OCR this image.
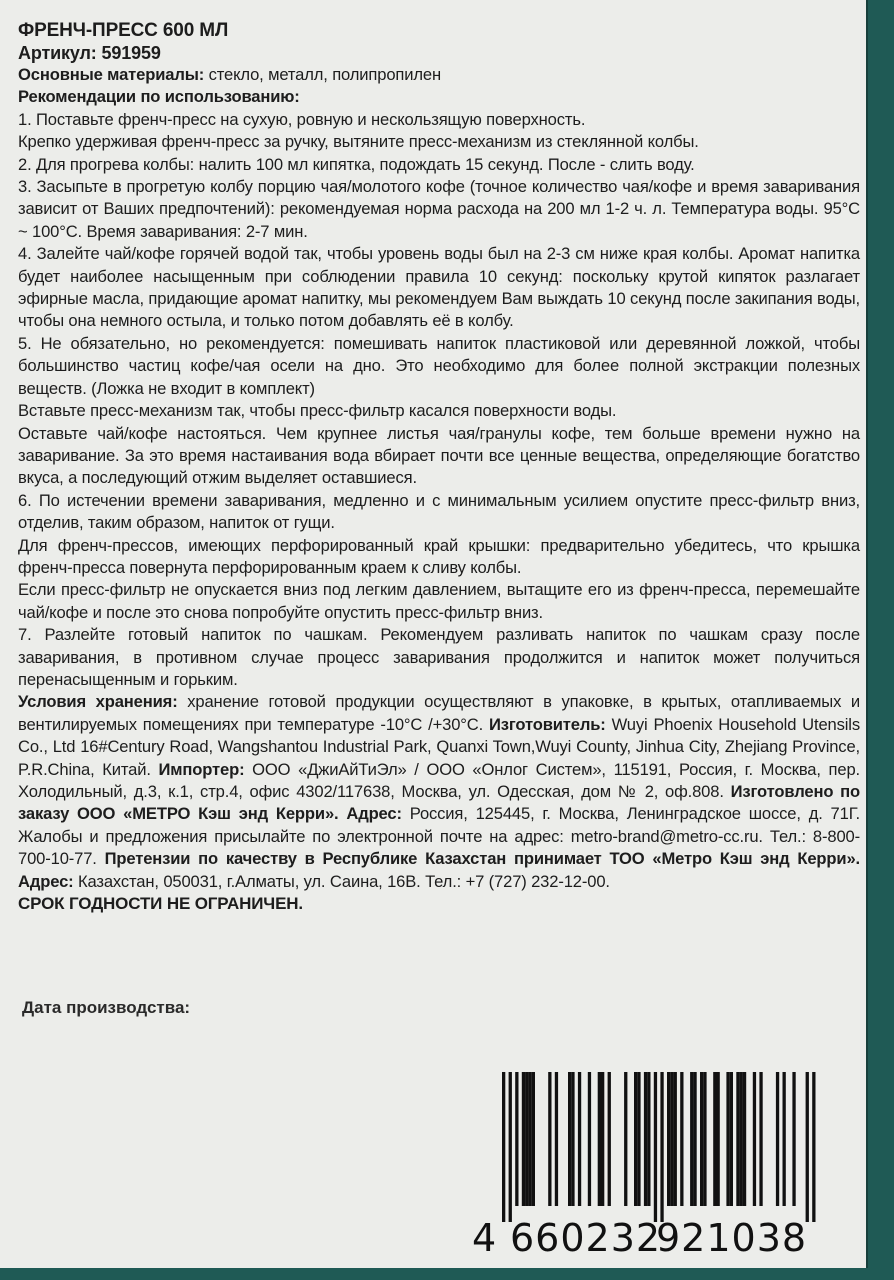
ФРЕНЧ-ПРЕСС 600 МЛ

Артикул: 591959

Основные материалы: стекло, металл, полипропилен

Рекомендации по использованию:

1. Поставьте френч-пресс на сухую, ровную и нескользящую поверхность.

Крепко удерживая френч-пресс за ручку, вытяните пресс-механизм из стеклянной колбы.

2. Для прогрева колбы: налить 100 мл кипятка, подождать 15 секунд. После - слить воду.

3. Засыпьте в прогретую колбу порцию чая/молотого кофе (точное количество чая/кофе и время заваривания зависит от Ваших предпочтений): рекомендуемая норма расхода на 200 мл 1-2 ч. л. Температура воды. 95°С ~ 100°С. Время заваривания: 2-7 мин.

4. Залейте чай/кофе горячей водой так, чтобы уровень воды был на 2-3 см ниже края колбы. Аромат напитка будет наиболее насыщенным при соблюдении правила 10 секунд: поскольку крутой кипяток разлагает эфирные масла, придающие аромат напитку, мы рекомендуем Вам выждать 10 секунд после закипания воды, чтобы она немного остыла, и только потом добавлять её в колбу.

5. Не обязательно, но рекомендуется: помешивать напиток пластиковой или деревянной ложкой, чтобы большинство частиц кофе/чая осели на дно. Это необходимо для более полной экстракции полезных веществ. (Ложка не входит в комплект)

Вставьте пресс-механизм так, чтобы пресс-фильтр касался поверхности воды.

Оставьте чай/кофе настояться. Чем крупнее листья чая/гранулы кофе, тем больше времени нужно на заваривание. За это время настаивания вода вбирает почти все ценные вещества, определяющие богатство вкуса, а последующий отжим выделяет оставшиеся.

6. По истечении времени заваривания, медленно и с минимальным усилием опустите пресс-фильтр вниз, отделив, таким образом, напиток от гущи.

Для френч-прессов, имеющих перфорированный край крышки: предварительно убедитесь, что крышка френч-пресса повернута перфорированным краем к сливу колбы.

Если пресс-фильтр не опускается вниз под легким давлением, вытащите его из френч-пресса, перемешайте чай/кофе и после это снова попробуйте опустить пресс-фильтр вниз.

7. Разлейте готовый напиток по чашкам. Рекомендуем разливать напиток по чашкам сразу после заваривания, в противном случае процесс заваривания продолжится и напиток может получиться перенасыщенным и горьким.

Условия хранения: хранение готовой продукции осуществляют в упаковке, в крытых, отапливаемых и вентилируемых помещениях при температуре -10°С /+30°С. Изготовитель: Wuyi Phoenix Household Utensils Co., Ltd 16#Century Road, Wangshantou Industrial Park, Quanxi Town,Wuyi County, Jinhua City, Zhejiang Province, P.R.China, Китай. Импортер: ООО «ДжиАйТиЭл» / ООО «Онлог Систем», 115191, Россия, г. Москва, пер. Холодильный, д.3, к.1, стр.4, офис 4302/117638, Москва, ул. Одесская, дом № 2, оф.808. Изготовлено по заказу ООО «МЕТРО Кэш энд Керри». Адрес: Россия, 125445, г. Москва, Ленинградское шоссе, д. 71Г. Жалобы и предложения присылайте по электронной почте на адрес: metro-brand@metro-cc.ru. Тел.: 8-800-700-10-77. Претензии по качеству в Республике Казахстан принимает ТОО «Метро Кэш энд Керри». Адрес: Казахстан, 050031, г.Алматы, ул. Саина, 16В. Тел.: +7 (727) 232-12-00.

СРОК ГОДНОСТИ НЕ ОГРАНИЧЕН.

Дата производства:
4 660232
921038
